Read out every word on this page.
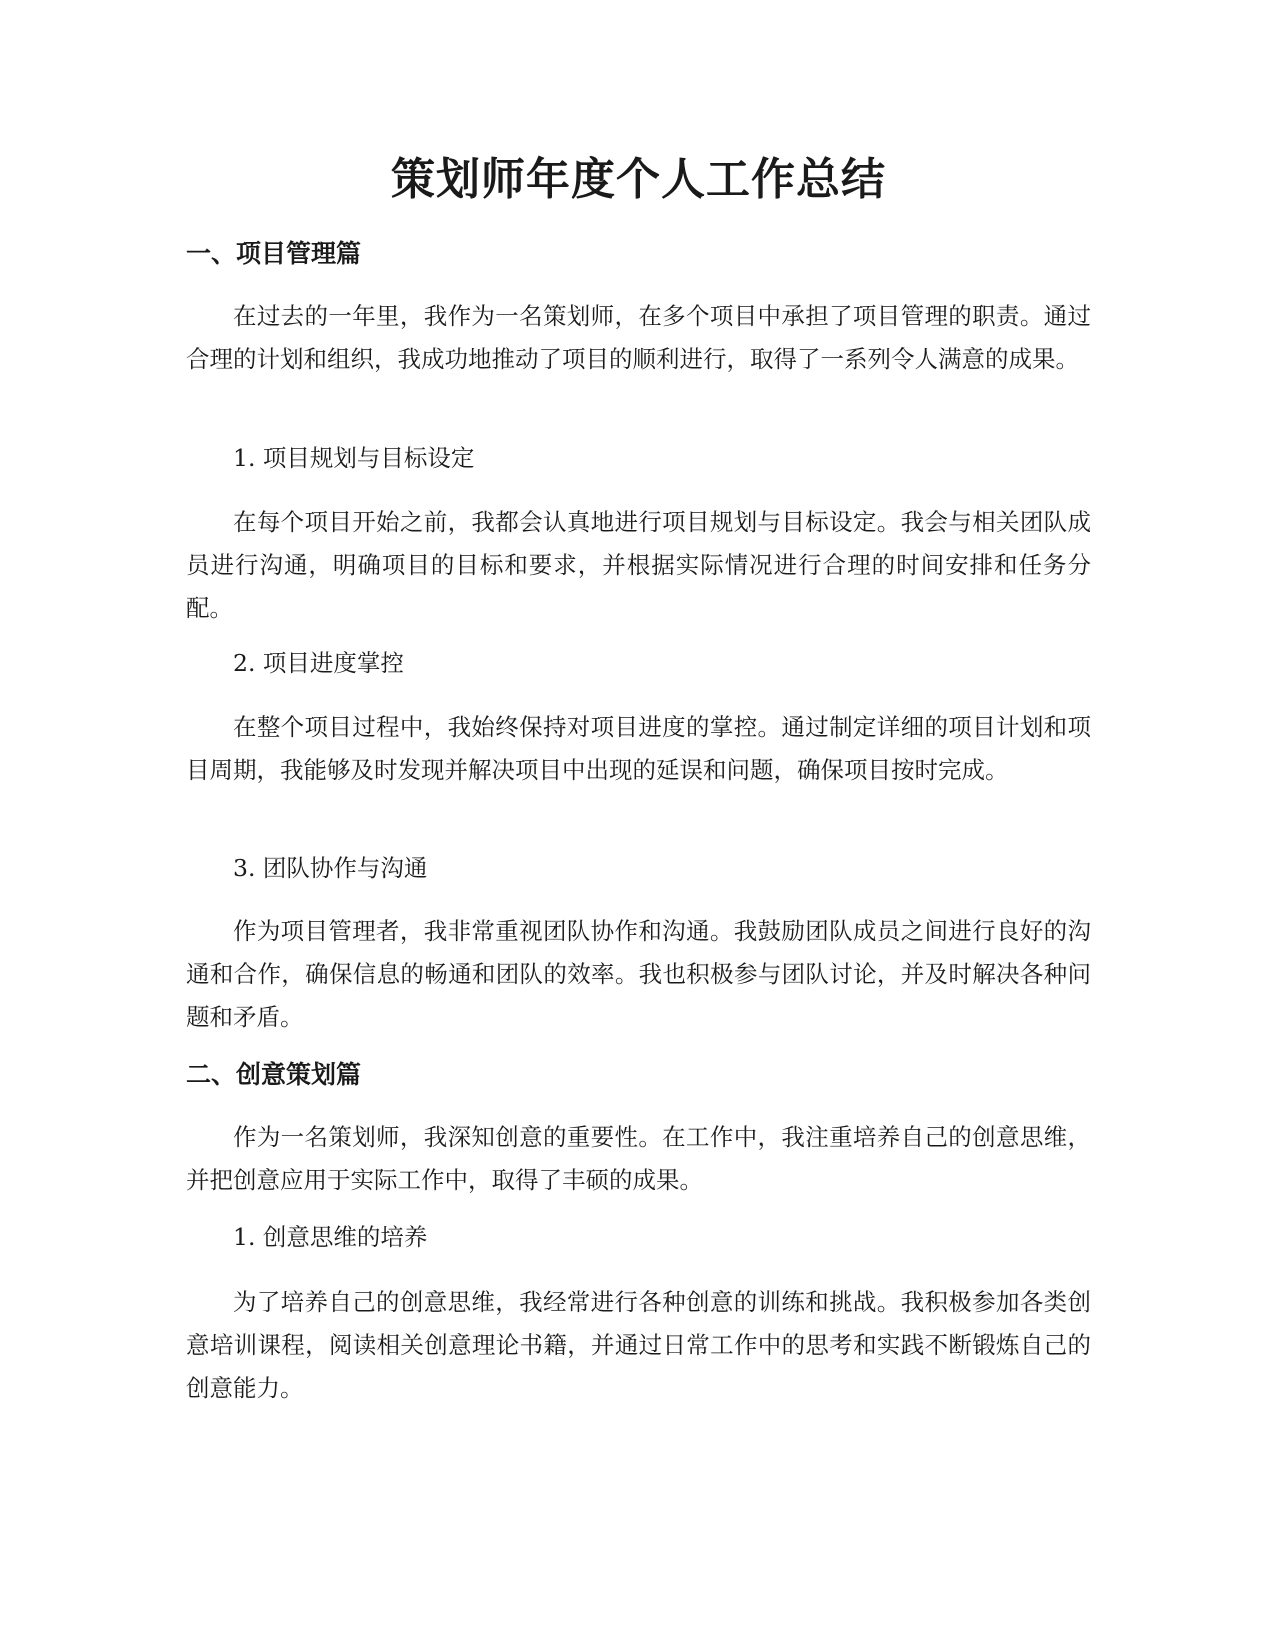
策划师年度个人工作总结
一、项目管理篇

在过去的一年里，我作为一名策划师，在多个项目中承担了项目管理的职责。通过合理的计划和组织，我成功地推动了项目的顺利进行，取得了一系列令人满意的成果。

1. 项目规划与目标设定

在每个项目开始之前，我都会认真地进行项目规划与目标设定。我会与相关团队成员进行沟通，明确项目的目标和要求，并根据实际情况进行合理的时间安排和任务分配。

2. 项目进度掌控

在整个项目过程中，我始终保持对项目进度的掌控。通过制定详细的项目计划和项目周期，我能够及时发现并解决项目中出现的延误和问题，确保项目按时完成。

3. 团队协作与沟通

作为项目管理者，我非常重视团队协作和沟通。我鼓励团队成员之间进行良好的沟通和合作，确保信息的畅通和团队的效率。我也积极参与团队讨论，并及时解决各种问题和矛盾。

二、创意策划篇

作为一名策划师，我深知创意的重要性。在工作中，我注重培养自己的创意思维，并把创意应用于实际工作中，取得了丰硕的成果。

1. 创意思维的培养

为了培养自己的创意思维，我经常进行各种创意的训练和挑战。我积极参加各类创意培训课程，阅读相关创意理论书籍，并通过日常工作中的思考和实践不断锻炼自己的创意能力。
